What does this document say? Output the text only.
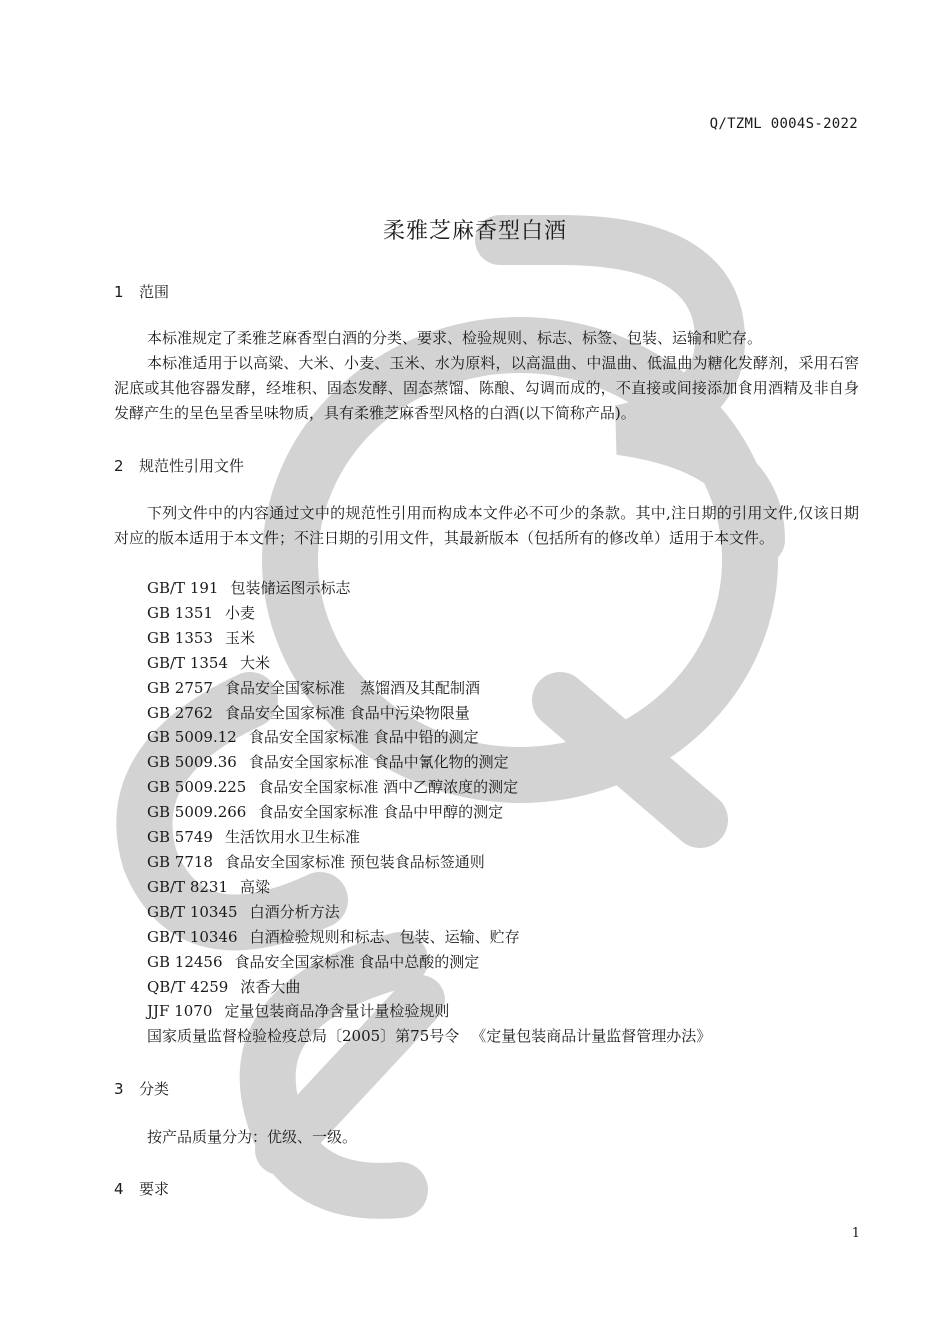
Q/TZML 0004S-2022
柔雅芝麻香型白酒
1 范围

本标准规定了柔雅芝麻香型白酒的分类、要求、检验规则、标志、标签、包装、运输和贮存。

本标准适用于以高粱、大米、小麦、玉米、水为原料，以高温曲、中温曲、低温曲为糖化发酵剂，采用石窖泥底或其他容器发酵，经堆积、固态发酵、固态蒸馏、陈酿、勾调而成的，不直接或间接添加食用酒精及非自身发酵产生的呈色呈香呈味物质，具有柔雅芝麻香型风格的白酒(以下简称产品)。

2 规范性引用文件

下列文件中的内容通过文中的规范性引用而构成本文件必不可少的条款。其中,注日期的引用文件,仅该日期对应的版本适用于本文件；不注日期的引用文件，其最新版本（包括所有的修改单）适用于本文件。

GB/T 191 包装储运图示标志
GB 1351 小麦
GB 1353 玉米
GB/T 1354 大米
GB 2757 食品安全国家标准　蒸馏酒及其配制酒
GB 2762 食品安全国家标准 食品中污染物限量
GB 5009.12 食品安全国家标准 食品中铅的测定
GB 5009.36 食品安全国家标准 食品中氰化物的测定
GB 5009.225 食品安全国家标准 酒中乙醇浓度的测定
GB 5009.266 食品安全国家标准 食品中甲醇的测定
GB 5749 生活饮用水卫生标准
GB 7718 食品安全国家标准 预包装食品标签通则
GB/T 8231 高粱
GB/T 10345 白酒分析方法
GB/T 10346 白酒检验规则和标志、包装、运输、贮存
GB 12456 食品安全国家标准 食品中总酸的测定
QB/T 4259 浓香大曲
JJF 1070 定量包装商品净含量计量检验规则
国家质量监督检验检疫总局〔2005〕第75号令 《定量包装商品计量监督管理办法》
3 分类

按产品质量分为：优级、一级。

4 要求
1
